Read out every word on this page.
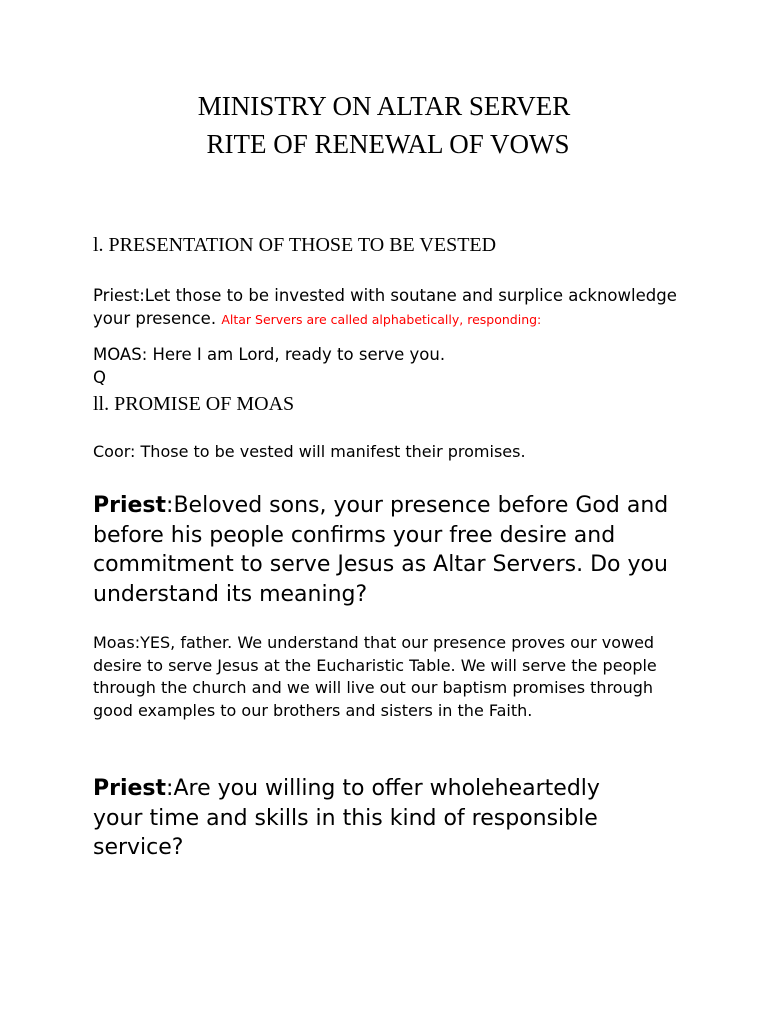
MINISTRY ON ALTAR SERVER
RITE OF RENEWAL OF VOWS
l. PRESENTATION OF THOSE TO BE VESTED

Priest:Let those to be invested with soutane and surplice acknowledge your presence. Altar Servers are called alphabetically, responding:

MOAS: Here I am Lord, ready to serve you.

Q

ll. PROMISE OF MOAS

Coor: Those to be vested will manifest their promises.

Priest:Beloved sons, your presence before God and before his people confirms your free desire and commitment to serve Jesus as Altar Servers. Do you understand its meaning?

Moas:YES, father. We understand that our presence proves our vowed desire to serve Jesus at the Eucharistic Table. We will serve the people through the church and we will live out our baptism promises through good examples to our brothers and sisters in the Faith.

Priest:Are you willing to offer wholeheartedly your time and skills in this kind of responsible service?
